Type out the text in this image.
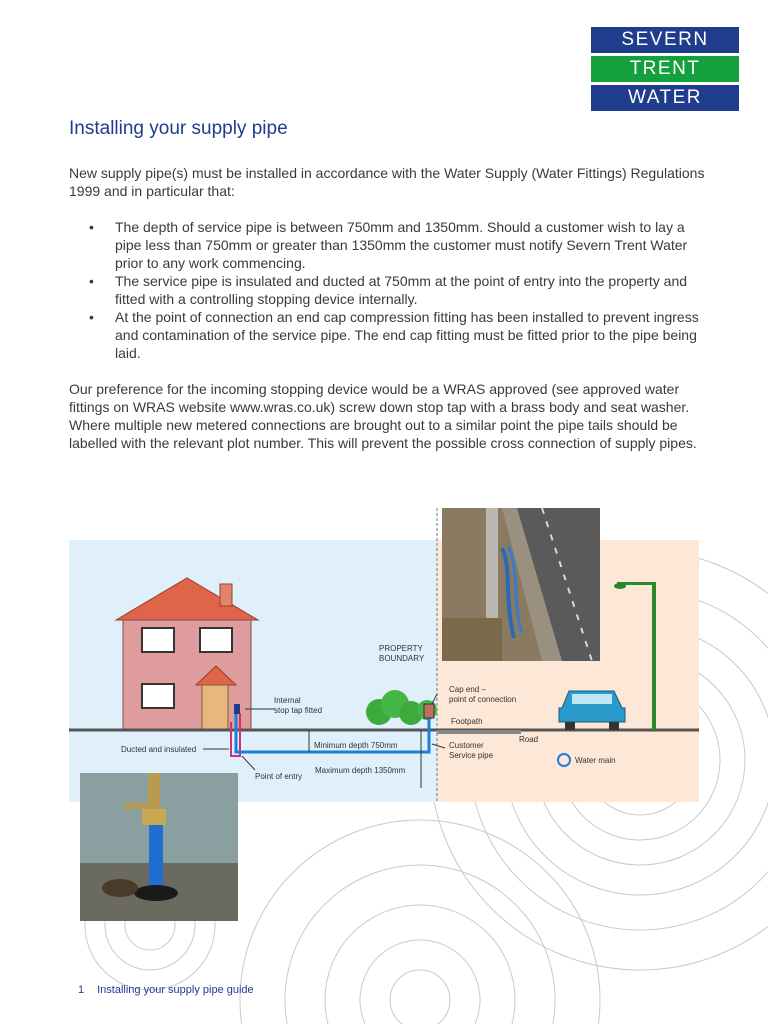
SEVERN
TRENT
WATER
Installing your supply pipe

New supply pipe(s) must be installed in accordance with the Water Supply (Water Fittings) Regulations 1999 and in particular that:

• The depth of service pipe is between 750mm and 1350mm. Should a customer wish to lay a pipe less than 750mm or greater than 1350mm the customer must notify Severn Trent Water prior to any work commencing.
• The service pipe is insulated and ducted at 750mm at the point of entry into the property and fitted with a controlling stopping device internally.
• At the point of connection an end cap compression fitting has been installed to prevent ingress and contamination of the service pipe. The end cap fitting must be fitted prior to the pipe being laid.

Our preference for the incoming stopping device would be a WRAS approved (see approved water fittings on WRAS website www.wras.co.uk) screw down stop tap with a brass body and seat washer. Where multiple new metered connections are brought out to a similar point the pipe tails should be labelled with the relevant plot number. This will prevent the possible cross connection of supply pipes.

PROPERTY
BOUNDARY
Internal
stop tap fitted
Cap end –
point of connection
Footpath
Road
Ducted and insulated	Minimum depth 750mm
Maximum depth 1350mm
Point of entry
Customer
Service pipe
Water main
1 Installing your supply pipe guide
